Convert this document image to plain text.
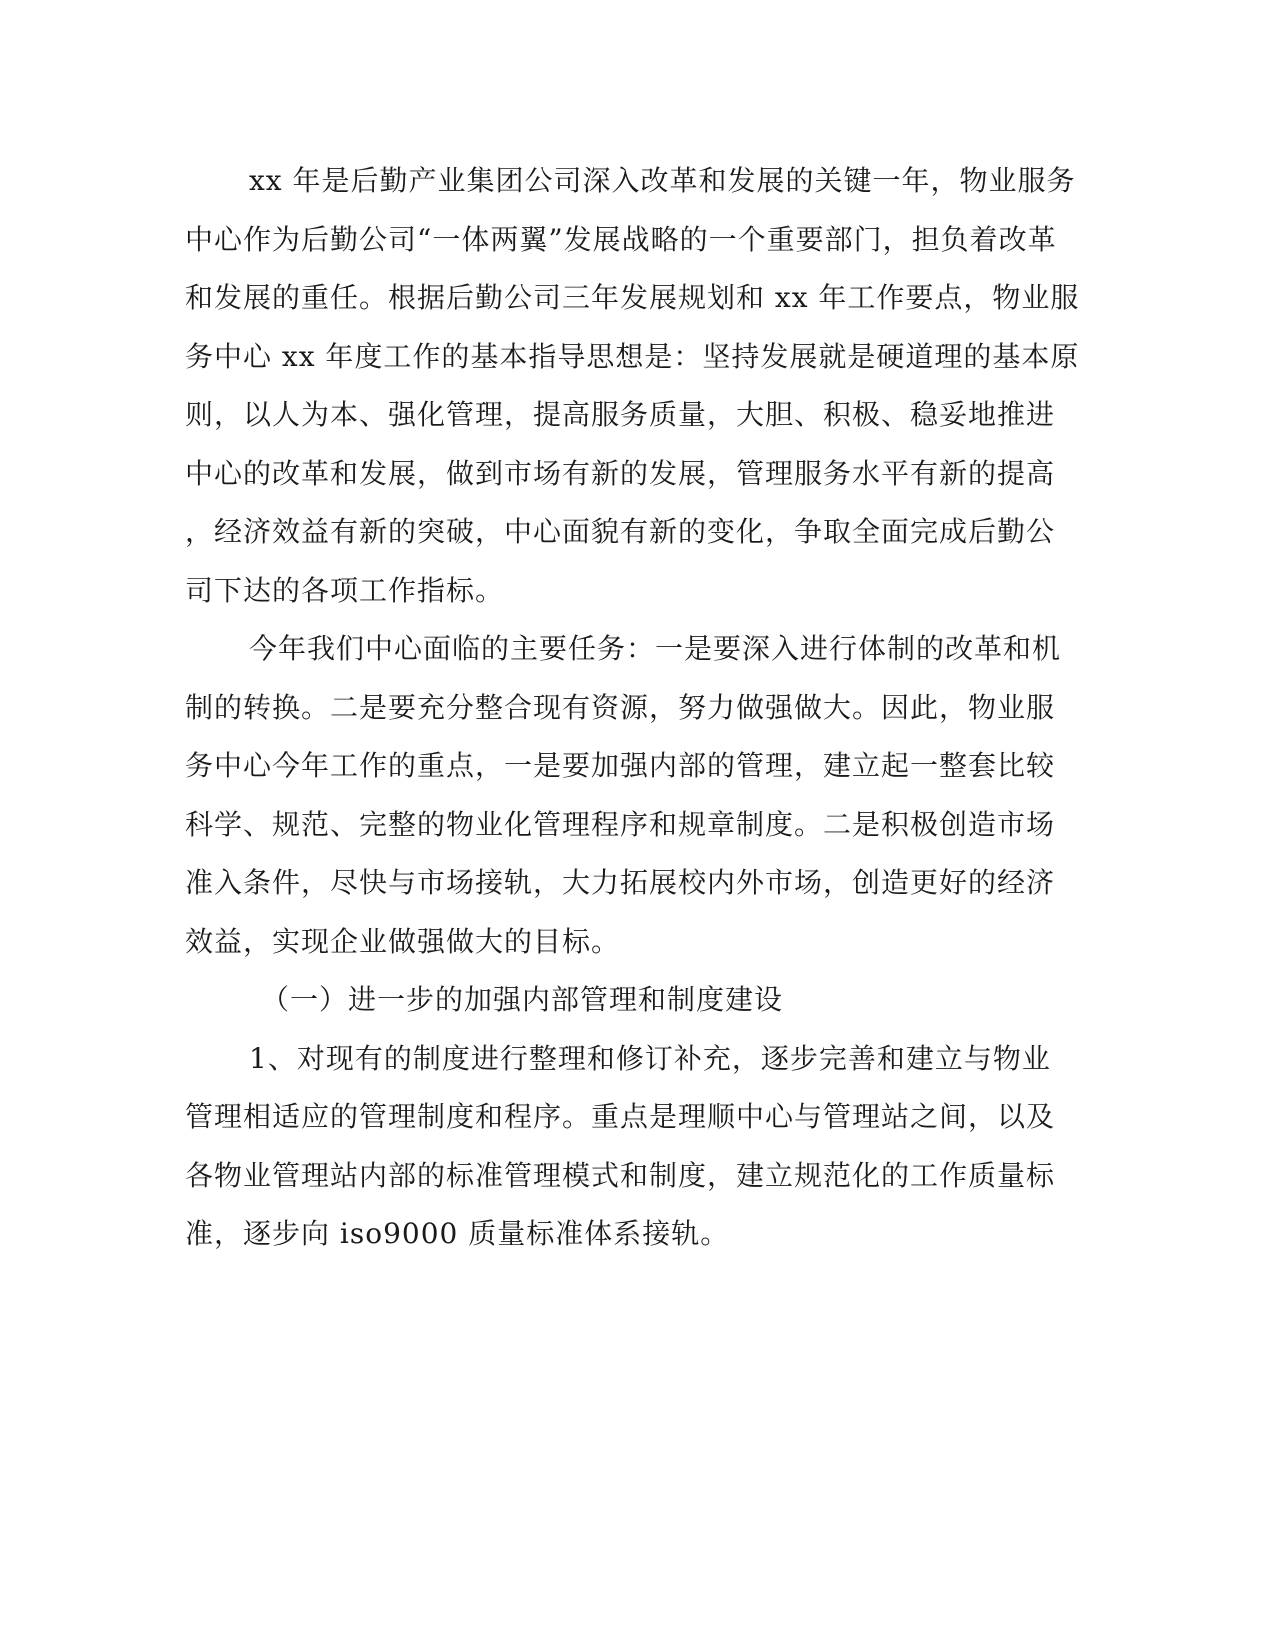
xx 年是后勤产业集团公司深入改革和发展的关键一年，物业服务
中心作为后勤公司“一体两翼”发展战略的一个重要部门，担负着改革
和发展的重任。根据后勤公司三年发展规划和 xx 年工作要点，物业服
务中心 xx 年度工作的基本指导思想是：坚持发展就是硬道理的基本原
则，以人为本、强化管理，提高服务质量，大胆、积极、稳妥地推进
中心的改革和发展，做到市场有新的发展，管理服务水平有新的提高
，经济效益有新的突破，中心面貌有新的变化，争取全面完成后勤公
司下达的各项工作指标。
今年我们中心面临的主要任务：一是要深入进行体制的改革和机
制的转换。二是要充分整合现有资源，努力做强做大。因此，物业服
务中心今年工作的重点，一是要加强内部的管理，建立起一整套比较
科学、规范、完整的物业化管理程序和规章制度。二是积极创造市场
准入条件，尽快与市场接轨，大力拓展校内外市场，创造更好的经济
效益，实现企业做强做大的目标。
（一）进一步的加强内部管理和制度建设
1、对现有的制度进行整理和修订补充，逐步完善和建立与物业
管理相适应的管理制度和程序。重点是理顺中心与管理站之间，以及
各物业管理站内部的标准管理模式和制度，建立规范化的工作质量标
准，逐步向 iso9000 质量标准体系接轨。
